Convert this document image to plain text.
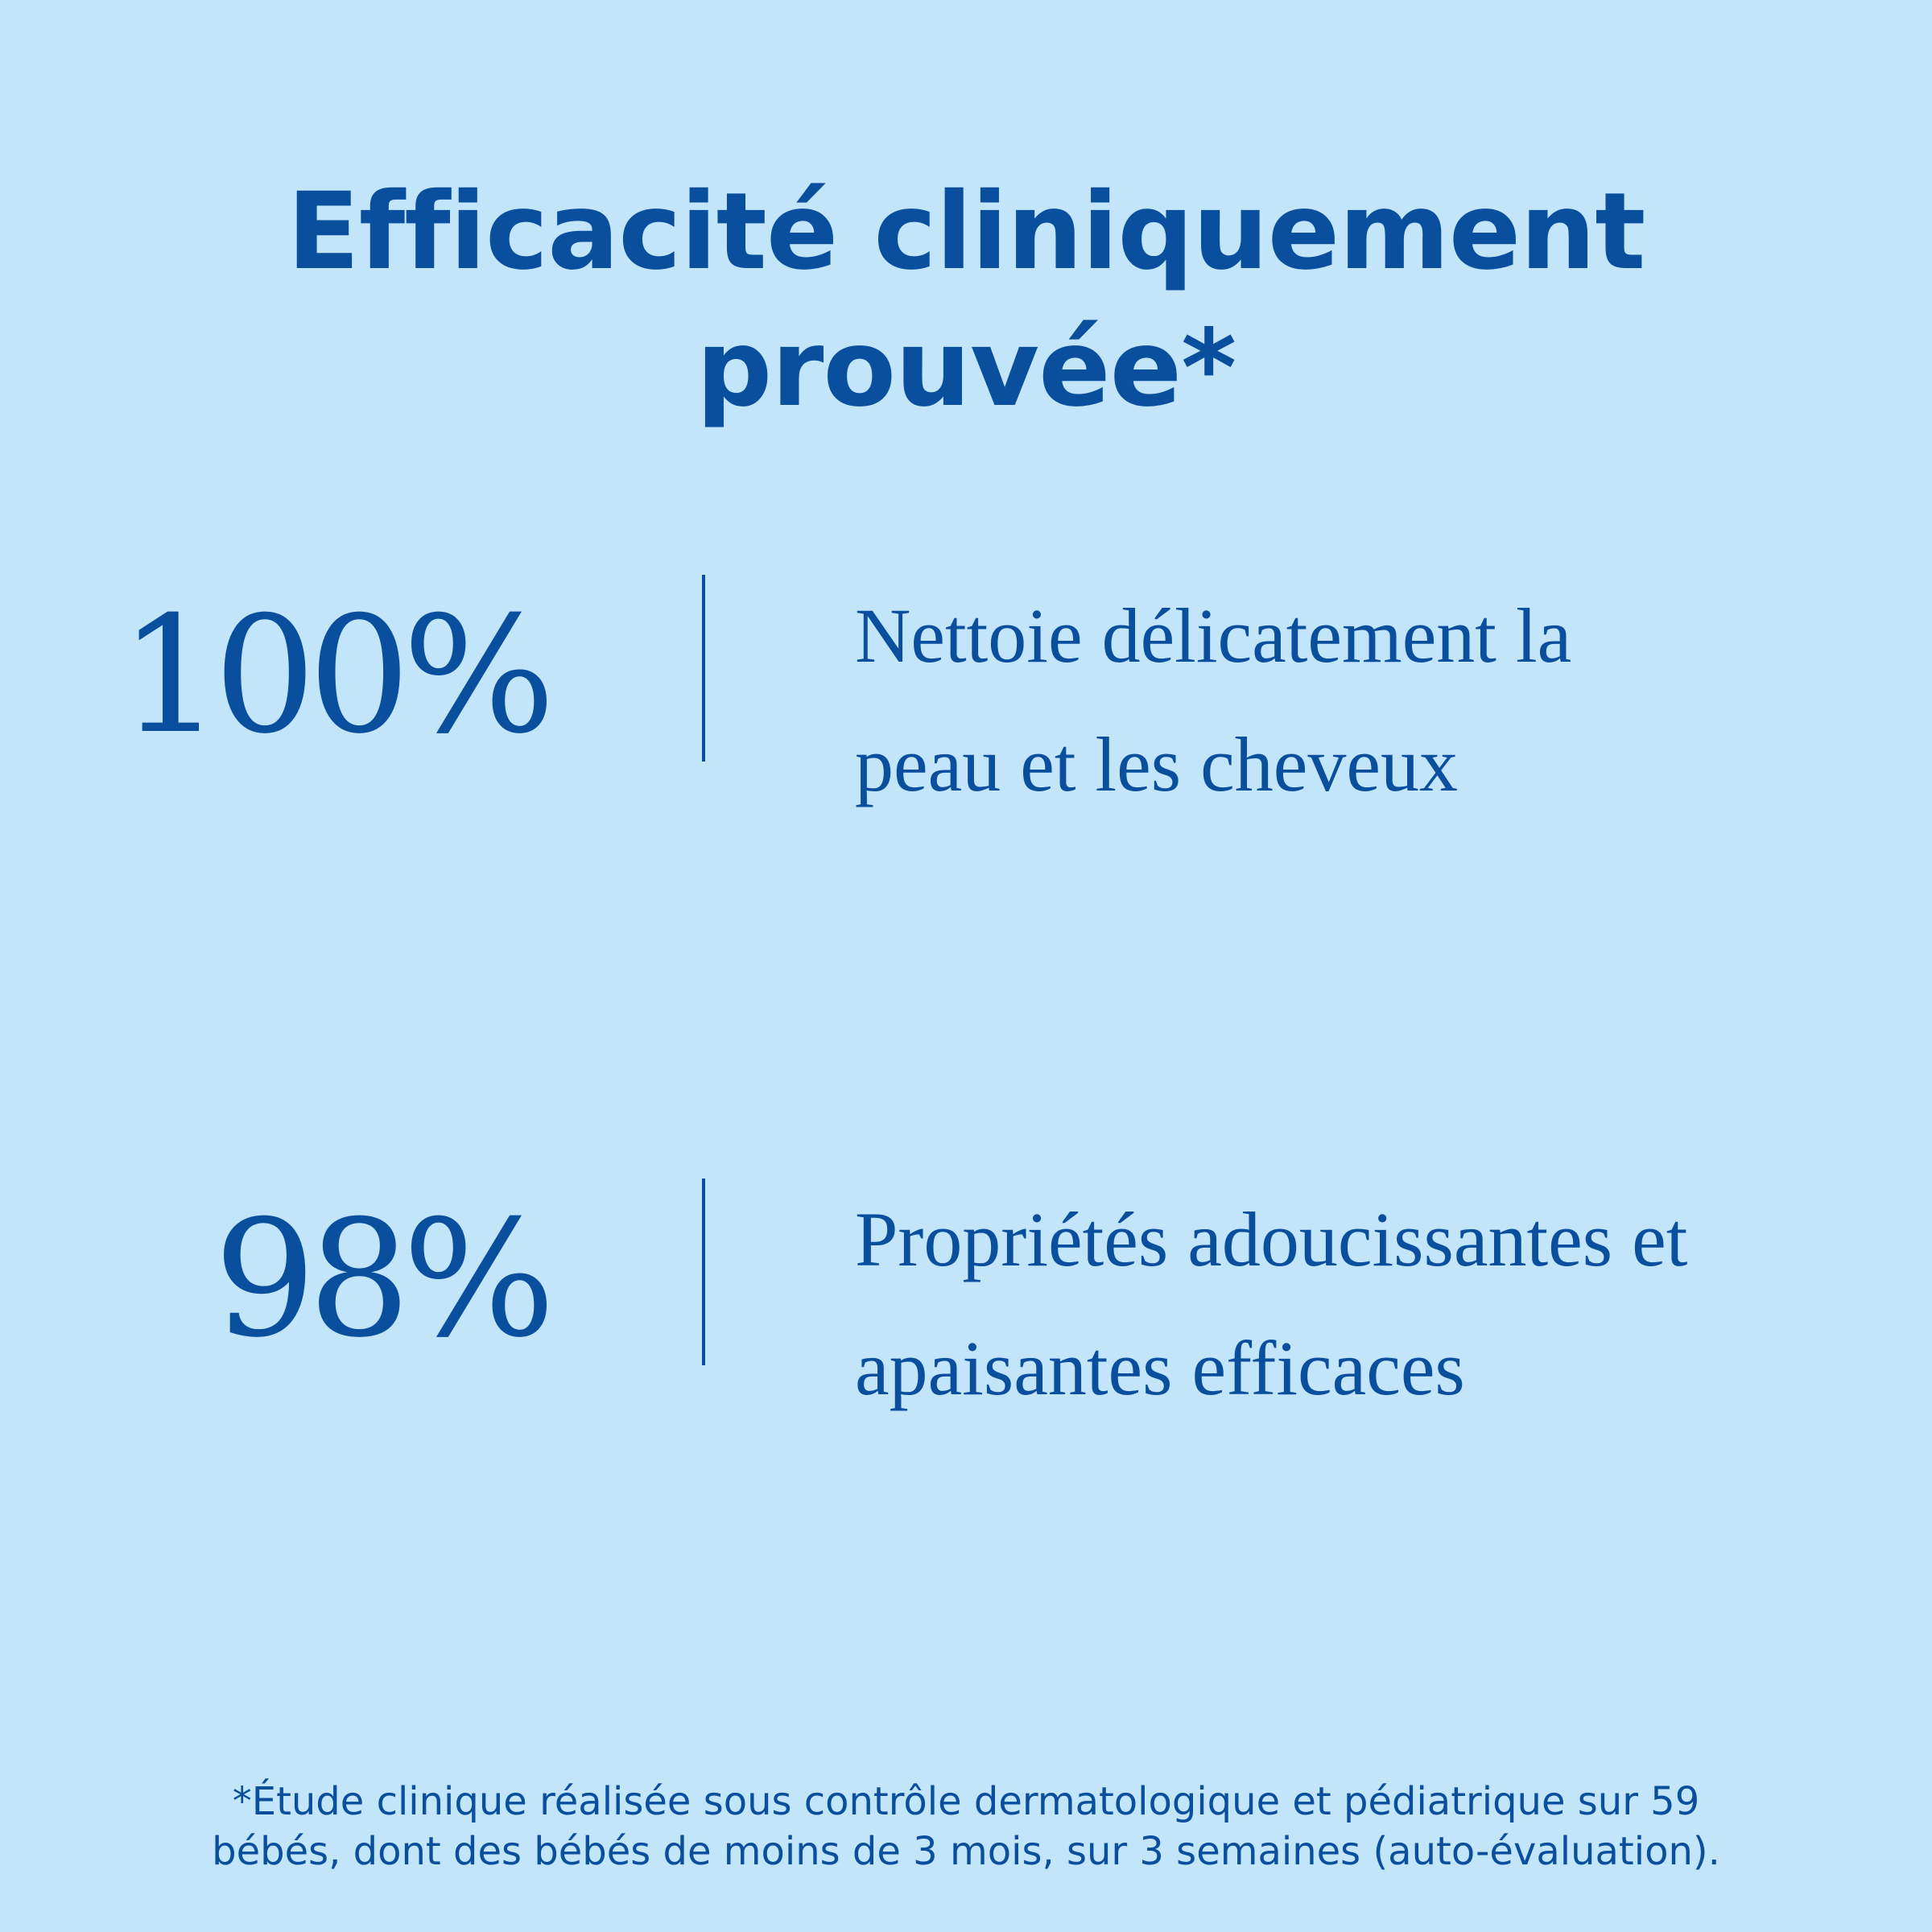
Efficacité cliniquement
prouvée*
100%	Nettoie délicatement la
peau et les cheveux
98%	Propriétés adoucissantes et
apaisantes efficaces
*Étude clinique réalisée sous contrôle dermatologique et pédiatrique sur 59
bébés, dont des bébés de moins de 3 mois, sur 3 semaines (auto-évaluation).
